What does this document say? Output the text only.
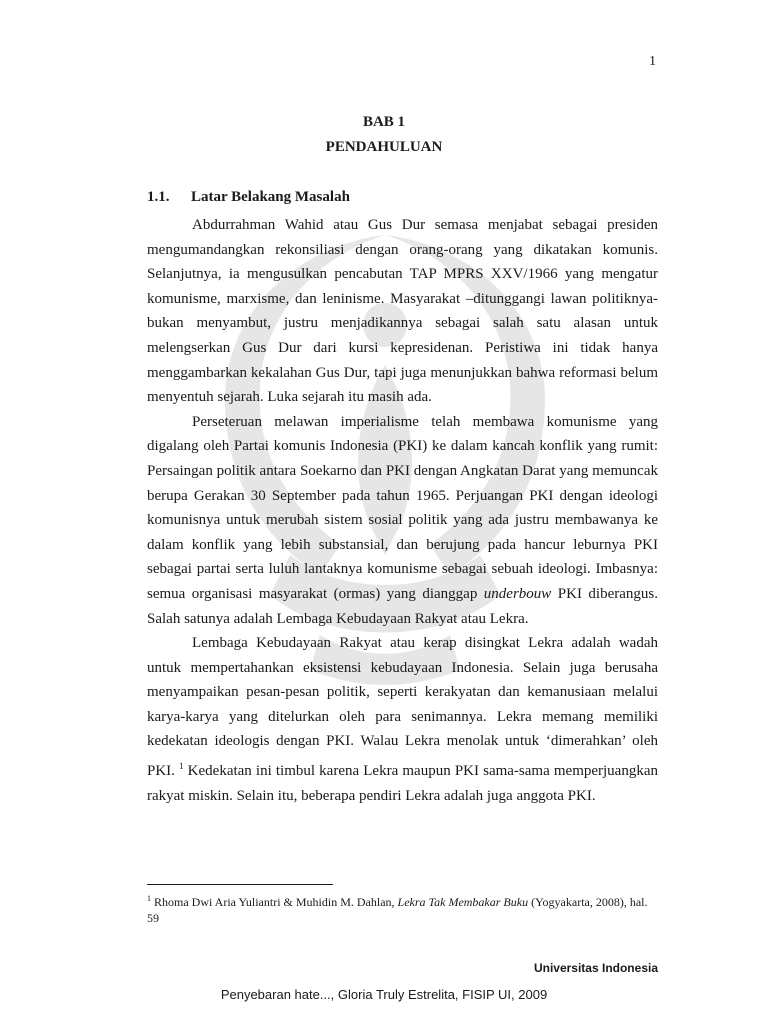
1
BAB 1
PENDAHULUAN
1.1. Latar Belakang Masalah

Abdurrahman Wahid atau Gus Dur semasa menjabat sebagai presiden mengumandangkan rekonsiliasi dengan orang-orang yang dikatakan komunis. Selanjutnya, ia mengusulkan pencabutan TAP MPRS XXV/1966 yang mengatur komunisme, marxisme, dan leninisme. Masyarakat –ditunggangi lawan politiknya- bukan menyambut, justru menjadikannya sebagai salah satu alasan untuk melengserkan Gus Dur dari kursi kepresidenan. Peristiwa ini tidak hanya menggambarkan kekalahan Gus Dur, tapi juga menunjukkan bahwa reformasi belum menyentuh sejarah. Luka sejarah itu masih ada.

Perseteruan melawan imperialisme telah membawa komunisme yang digalang oleh Partai komunis Indonesia (PKI) ke dalam kancah konflik yang rumit: Persaingan politik antara Soekarno dan PKI dengan Angkatan Darat yang memuncak berupa Gerakan 30 September pada tahun 1965. Perjuangan PKI dengan ideologi komunisnya untuk merubah sistem sosial politik yang ada justru membawanya ke dalam konflik yang lebih substansial, dan berujung pada hancur leburnya PKI sebagai partai serta luluh lantaknya komunisme sebagai sebuah ideologi. Imbasnya: semua organisasi masyarakat (ormas) yang dianggap underbouw PKI diberangus. Salah satunya adalah Lembaga Kebudayaan Rakyat atau Lekra.

Lembaga Kebudayaan Rakyat atau kerap disingkat Lekra adalah wadah untuk mempertahankan eksistensi kebudayaan Indonesia. Selain juga berusaha menyampaikan pesan-pesan politik, seperti kerakyatan dan kemanusiaan melalui karya-karya yang ditelurkan oleh para senimannya. Lekra memang memiliki kedekatan ideologis dengan PKI. Walau Lekra menolak untuk ‘dimerahkan’ oleh PKI. $^1$ Kedekatan ini timbul karena Lekra maupun PKI sama-sama memperjuangkan rakyat miskin. Selain itu, beberapa pendiri Lekra adalah juga anggota PKI.

$^1$ Rhoma Dwi Aria Yuliantri & Muhidin M. Dahlan, Lekra Tak Membakar Buku (Yogyakarta, 2008), hal. 59
Universitas Indonesia
Penyebaran hate..., Gloria Truly Estrelita, FISIP UI, 2009
